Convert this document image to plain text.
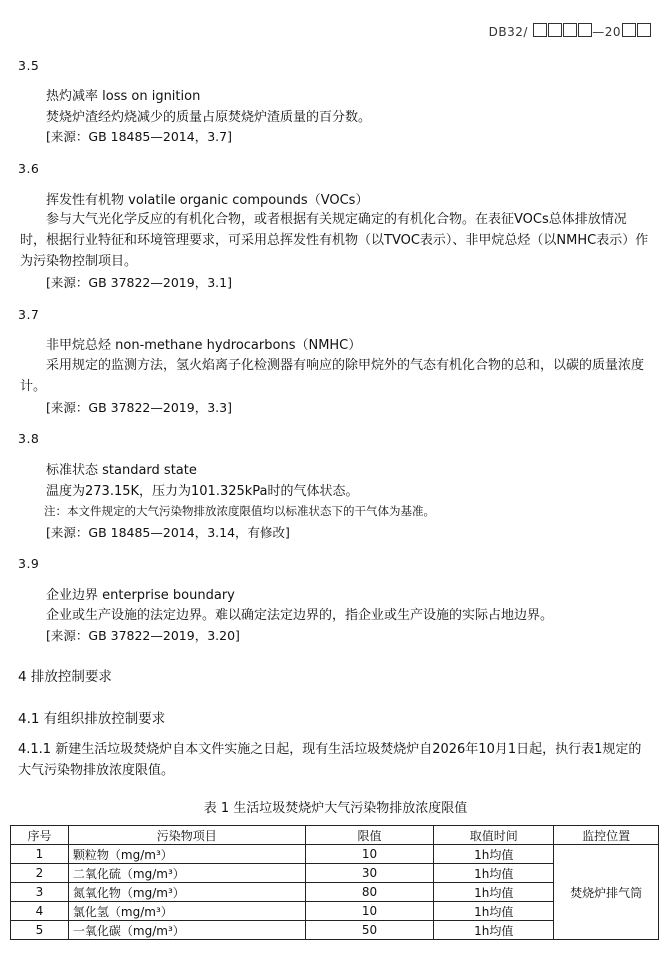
DB32/	—20
3.5
热灼减率 loss on ignition
焚烧炉渣经灼烧减少的质量占原焚烧炉渣质量的百分数。
[来源：GB 18485—2014，3.7]
3.6
挥发性有机物 volatile organic compounds（VOCs）
参与大气光化学反应的有机化合物，或者根据有关规定确定的有机化合物。在表征VOCs总体排放情况时，根据行业特征和环境管理要求，可采用总挥发性有机物（以TVOC表示）、非甲烷总烃（以NMHC表示）作为污染物控制项目。
[来源：GB 37822—2019，3.1]
3.7
非甲烷总烃 non-methane hydrocarbons（NMHC）
采用规定的监测方法，氢火焰离子化检测器有响应的除甲烷外的气态有机化合物的总和，以碳的质量浓度计。
[来源：GB 37822—2019，3.3]
3.8
标准状态 standard state
温度为273.15K，压力为101.325kPa时的气体状态。
注：本文件规定的大气污染物排放浓度限值均以标准状态下的干气体为基准。
[来源：GB 18485—2014，3.14，有修改]
3.9
企业边界 enterprise boundary
企业或生产设施的法定边界。难以确定法定边界的，指企业或生产设施的实际占地边界。
[来源：GB 37822—2019，3.20]
4 排放控制要求
4.1 有组织排放控制要求
4.1.1 新建生活垃圾焚烧炉自本文件实施之日起，现有生活垃圾焚烧炉自2026年10月1日起，执行表1规定的大气污染物排放浓度限值。
表 1 生活垃圾焚烧炉大气污染物排放浓度限值
序号	污染物项目	限值	取值时间	监控位置
1	颗粒物（mg/m³）	10	1h均值	焚烧炉排气筒
2	二氧化硫（mg/m³）	30	1h均值	
3	氮氧化物（mg/m³）	80	1h均值	
4	氯化氢（mg/m³）	10	1h均值	
5	一氧化碳（mg/m³）	50	1h均值	
